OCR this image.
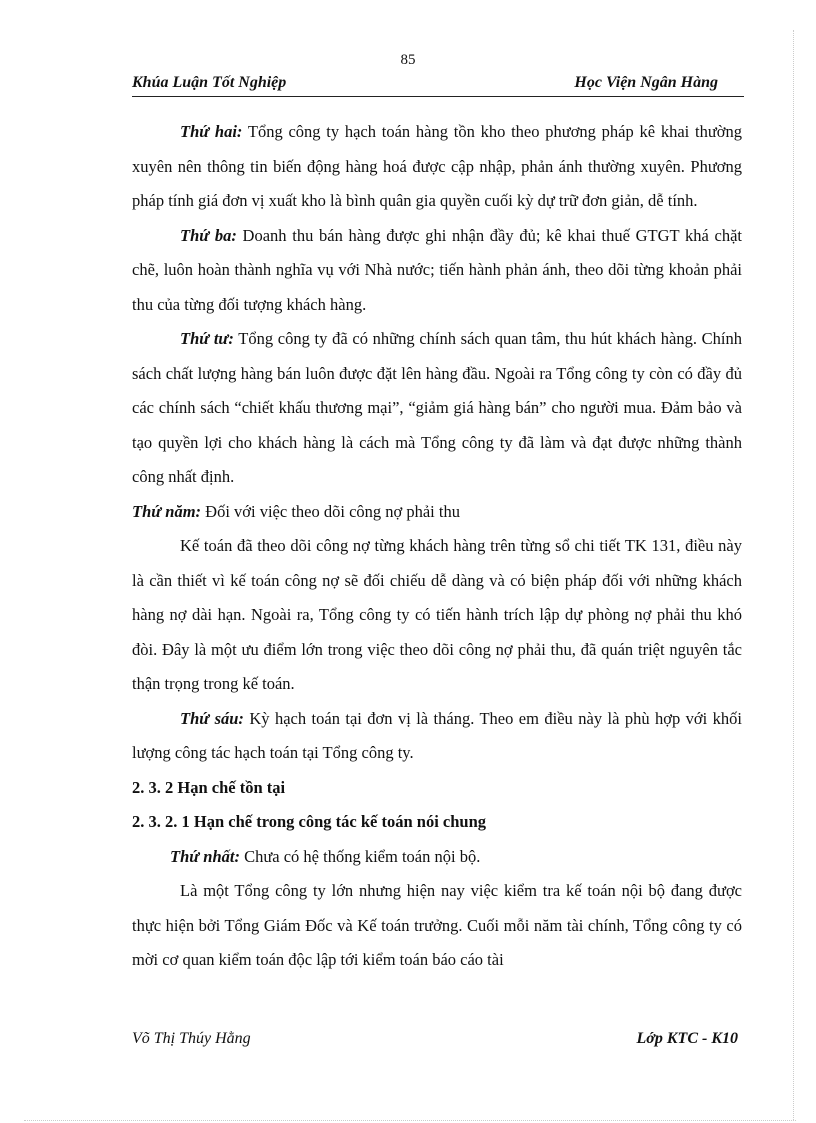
85
Khúa Luận Tốt Nghiệp	Học Viện Ngân Hàng

Thứ hai: Tổng công ty hạch toán hàng tồn kho theo phương pháp kê khai thường xuyên nên thông tin biến động hàng hoá được cập nhập, phản ánh thường xuyên. Phương pháp tính giá đơn vị xuất kho là bình quân gia quyền cuối kỳ dự trữ đơn giản, dễ tính.

Thứ ba: Doanh thu bán hàng được ghi nhận đầy đủ; kê khai thuế GTGT khá chặt chẽ, luôn hoàn thành nghĩa vụ với Nhà nước; tiến hành phản ánh, theo dõi từng khoản phải thu của từng đối tượng khách hàng.

Thứ tư: Tổng công ty đã có những chính sách quan tâm, thu hút khách hàng. Chính sách chất lượng hàng bán luôn được đặt lên hàng đầu. Ngoài ra Tổng công ty còn có đầy đủ các chính sách “chiết khấu thương mại”, “giảm giá hàng bán” cho người mua. Đảm bảo và tạo quyền lợi cho khách hàng là cách mà Tổng công ty đã làm và đạt được những thành công nhất định.

Thứ năm: Đối với việc theo dõi công nợ phải thu

Kế toán đã theo dõi công nợ từng khách hàng trên từng sổ chi tiết TK 131, điều này là cần thiết vì kế toán công nợ sẽ đối chiếu dễ dàng và có biện pháp đối với những khách hàng nợ dài hạn. Ngoài ra, Tổng công ty có tiến hành trích lập dự phòng nợ phải thu khó đòi. Đây là một ưu điểm lớn trong việc theo dõi công nợ phải thu, đã quán triệt nguyên tắc thận trọng trong kế toán.

Thứ sáu: Kỳ hạch toán tại đơn vị là tháng. Theo em điều này là phù hợp với khối lượng công tác hạch toán tại Tổng công ty.

2. 3. 2 Hạn chế tồn tại

2. 3. 2. 1 Hạn chế trong công tác kế toán nói chung

Thứ nhất: Chưa có hệ thống kiểm toán nội bộ.

Là một Tổng công ty lớn nhưng hiện nay việc kiểm tra kế toán nội bộ đang được thực hiện bởi Tổng Giám Đốc và Kế toán trưởng. Cuối mỗi năm tài chính, Tổng công ty có mời cơ quan kiểm toán độc lập tới kiểm toán báo cáo tài

Võ Thị Thúy Hằng	Lớp KTC - K10
